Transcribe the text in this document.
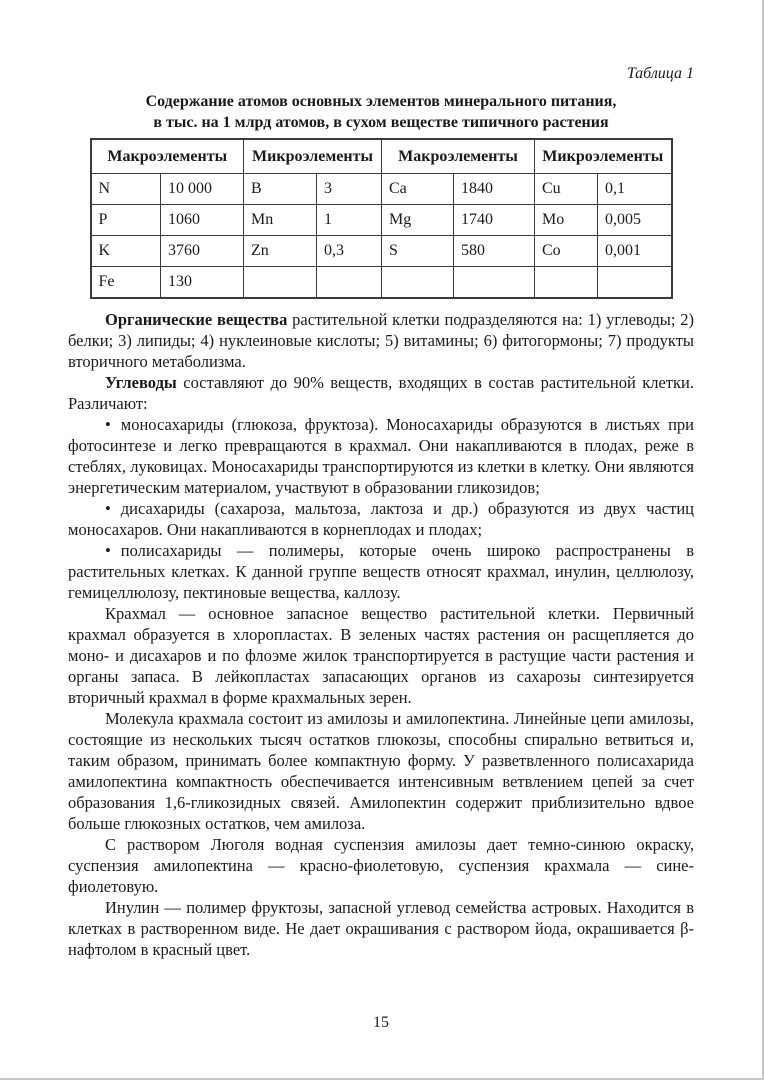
Таблица 1
Содержание атомов основных элементов минерального питания,
в тыс. на 1 млрд атомов, в сухом веществе типичного растения
Макроэлементы		Микроэлементы		Макроэлементы		Микроэлементы	
N	10 000	B	3	Ca	1840	Cu	0,1
P	1060	Mn	1	Mg	1740	Mo	0,005
K	3760	Zn	0,3	S	580	Co	0,001
Fe	130						

Органические вещества растительной клетки подразделяются на: 1) углеводы; 2) белки; 3) липиды; 4) нуклеиновые кислоты; 5) витамины; 6) фитогормоны; 7) продукты вторичного метаболизма.

Углеводы составляют до 90% веществ, входящих в состав растительной клетки. Различают:

• моносахариды (глюкоза, фруктоза). Моносахариды образуются в листьях при фотосинтезе и легко превращаются в крахмал. Они накапливаются в плодах, реже в стеблях, луковицах. Моносахариды транспортируются из клетки в клетку. Они являются энергетическим материалом, участвуют в образовании гликозидов;

• дисахариды (сахароза, мальтоза, лактоза и др.) образуются из двух частиц моносахаров. Они накапливаются в корнеплодах и плодах;

• полисахариды — полимеры, которые очень широко распространены в растительных клетках. К данной группе веществ относят крахмал, инулин, целлюлозу, гемицеллюлозу, пектиновые вещества, каллозу.

Крахмал — основное запасное вещество растительной клетки. Первичный крахмал образуется в хлоропластах. В зеленых частях растения он расщепляется до моно- и дисахаров и по флоэме жилок транспортируется в растущие части растения и органы запаса. В лейкопластах запасающих органов из сахарозы синтезируется вторичный крахмал в форме крахмальных зерен.

Молекула крахмала состоит из амилозы и амилопектина. Линейные цепи амилозы, состоящие из нескольких тысяч остатков глюкозы, способны спирально ветвиться и, таким образом, принимать более компактную форму. У разветвленного полисахарида амилопектина компактность обеспечивается интенсивным ветвлением цепей за счет образования 1,6-гликозидных связей. Амилопектин содержит приблизительно вдвое больше глюкозных остатков, чем амилоза.

С раствором Люголя водная суспензия амилозы дает темно-синюю окраску, суспензия амилопектина — красно-фиолетовую, суспензия крахмала — сине-фиолетовую.

Инулин — полимер фруктозы, запасной углевод семейства астровых. Находится в клетках в растворенном виде. Не дает окрашивания с раствором йода, окрашивается β-нафтолом в красный цвет.

15
